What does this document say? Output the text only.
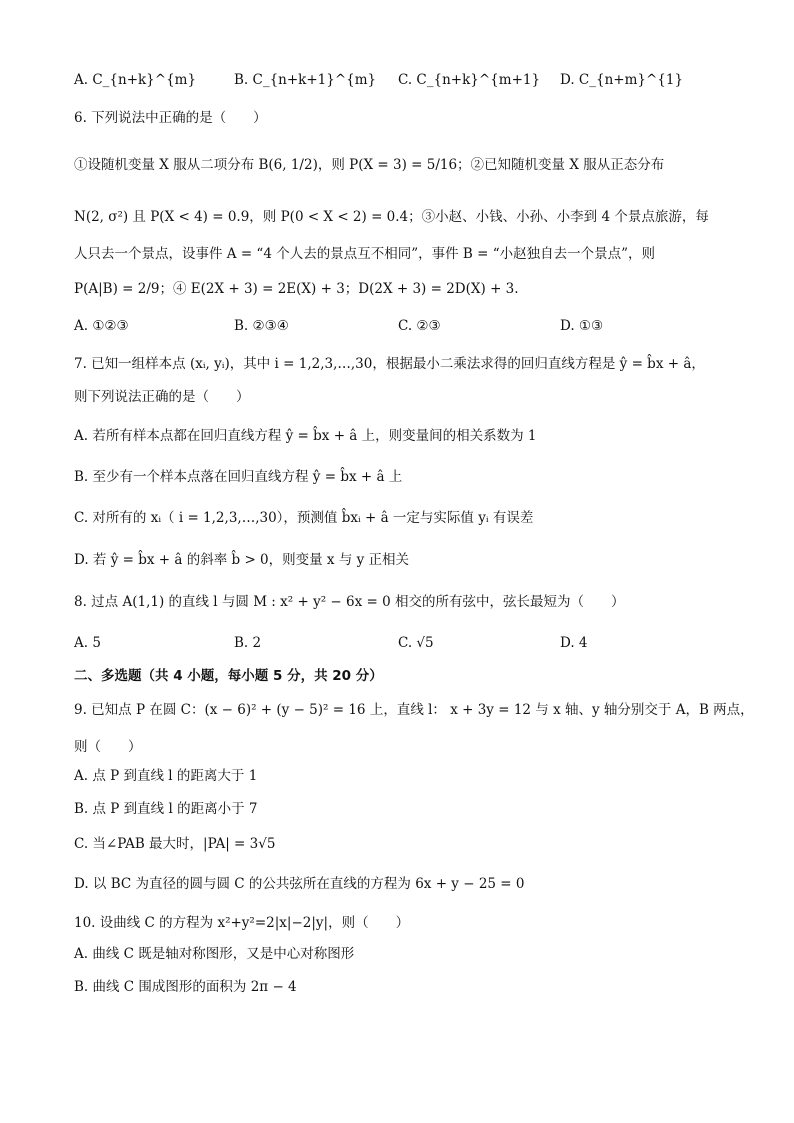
A. C_{n+k}^{m}	B. C_{n+k+1}^{m} C. C_{n+k}^{m+1} D. C_{n+m}^{1}
6. 下列说法中正确的是（　　）
①设随机变量 X 服从二项分布 B(6, 1/2)，则 P(X = 3) = 5/16；②已知随机变量 X 服从正态分布
N(2, σ²) 且 P(X < 4) = 0.9，则 P(0 < X < 2) = 0.4；③小赵、小钱、小孙、小李到 4 个景点旅游，每
人只去一个景点，设事件 A = “4 个人去的景点互不相同”，事件 B = “小赵独自去一个景点”，则
P(A|B) = 2/9；④ E(2X + 3) = 2E(X) + 3；D(2X + 3) = 2D(X) + 3.
A. ①②③	B. ②③④	C. ②③	D. ①③
7. 已知一组样本点 (xᵢ, yᵢ)，其中 i = 1,2,3,…,30，根据最小二乘法求得的回归直线方程是 ŷ = b̂x + â，
则下列说法正确的是（　　）
A. 若所有样本点都在回归直线方程 ŷ = b̂x + â 上，则变量间的相关系数为 1
B. 至少有一个样本点落在回归直线方程 ŷ = b̂x + â 上
C. 对所有的 xᵢ（ i = 1,2,3,…,30），预测值 b̂xᵢ + â 一定与实际值 yᵢ 有误差
D. 若 ŷ = b̂x + â 的斜率 b̂ > 0，则变量 x 与 y 正相关
8. 过点 A(1,1) 的直线 l 与圆 M : x² + y² − 6x = 0 相交的所有弦中，弦长最短为（　　）
A. 5	B. 2	C. √5	D. 4
二、多选题（共 4 小题，每小题 5 分，共 20 分）
9. 已知点 P 在圆 C：(x − 6)² + (y − 5)² = 16 上，直线 l： x + 3y = 12 与 x 轴、y 轴分别交于 A，B 两点，
则（　　）
A. 点 P 到直线 l 的距离大于 1
B. 点 P 到直线 l 的距离小于 7
C. 当∠PAB 最大时，|PA| = 3√5
D. 以 BC 为直径的圆与圆 C 的公共弦所在直线的方程为 6x + y − 25 = 0
10. 设曲线 C 的方程为 x²+y²=2|x|−2|y|，则（　　）
A. 曲线 C 既是轴对称图形，又是中心对称图形
B. 曲线 C 围成图形的面积为 2π − 4
